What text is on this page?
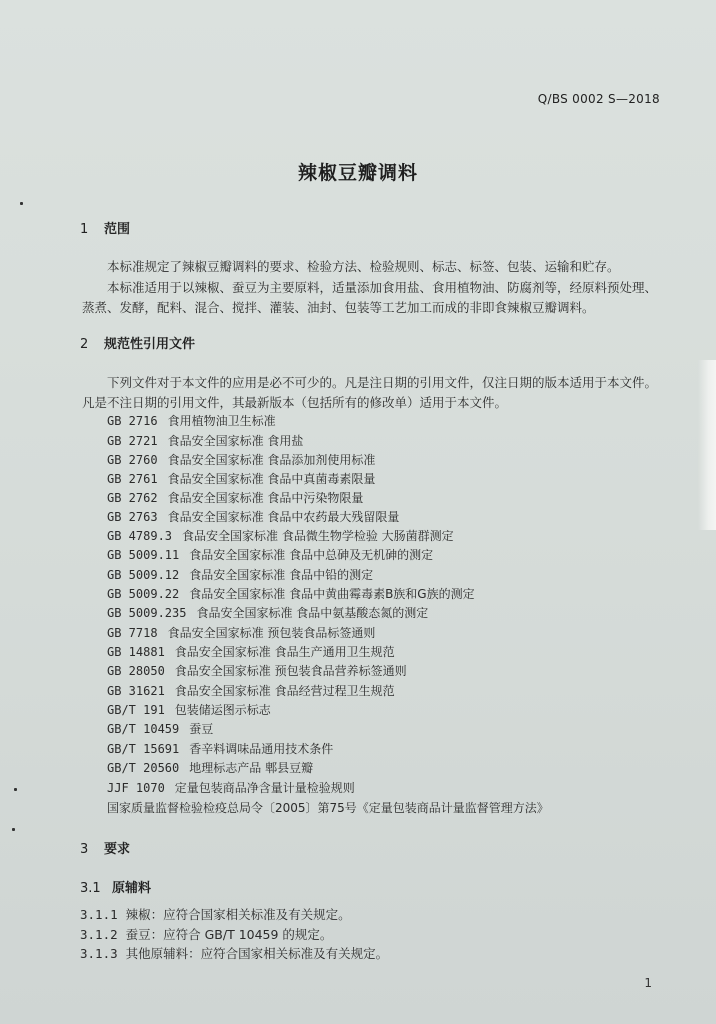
Q/BS 0002 S—2018
辣椒豆瓣调料
1 范围
本标准规定了辣椒豆瓣调料的要求、检验方法、检验规则、标志、标签、包装、运输和贮存。
本标准适用于以辣椒、蚕豆为主要原料，适量添加食用盐、食用植物油、防腐剂等，经原料预处理、
蒸煮、发酵，配料、混合、搅拌、灌装、油封、包装等工艺加工而成的非即食辣椒豆瓣调料。
2 规范性引用文件
下列文件对于本文件的应用是必不可少的。凡是注日期的引用文件，仅注日期的版本适用于本文件。
凡是不注日期的引用文件，其最新版本（包括所有的修改单）适用于本文件。
GB 2716 食用植物油卫生标准
GB 2721 食品安全国家标准 食用盐
GB 2760 食品安全国家标准 食品添加剂使用标准
GB 2761 食品安全国家标准 食品中真菌毒素限量
GB 2762 食品安全国家标准 食品中污染物限量
GB 2763 食品安全国家标准 食品中农药最大残留限量
GB 4789.3 食品安全国家标准 食品微生物学检验 大肠菌群测定
GB 5009.11 食品安全国家标准 食品中总砷及无机砷的测定
GB 5009.12 食品安全国家标准 食品中铅的测定
GB 5009.22 食品安全国家标准 食品中黄曲霉毒素B族和G族的测定
GB 5009.235 食品安全国家标准 食品中氨基酸态氮的测定
GB 7718 食品安全国家标准 预包装食品标签通则
GB 14881 食品安全国家标准 食品生产通用卫生规范
GB 28050 食品安全国家标准 预包装食品营养标签通则
GB 31621 食品安全国家标准 食品经营过程卫生规范
GB/T 191 包装储运图示标志
GB/T 10459 蚕豆
GB/T 15691 香辛料调味品通用技术条件
GB/T 20560 地理标志产品 郫县豆瓣
JJF 1070 定量包装商品净含量计量检验规则
国家质量监督检验检疫总局令〔2005〕第75号《定量包装商品计量监督管理方法》
3 要求
3.1 原辅料
3.1.1 辣椒：应符合国家相关标准及有关规定。
3.1.2 蚕豆：应符合 GB/T 10459 的规定。
3.1.3 其他原辅料：应符合国家相关标准及有关规定。
1
